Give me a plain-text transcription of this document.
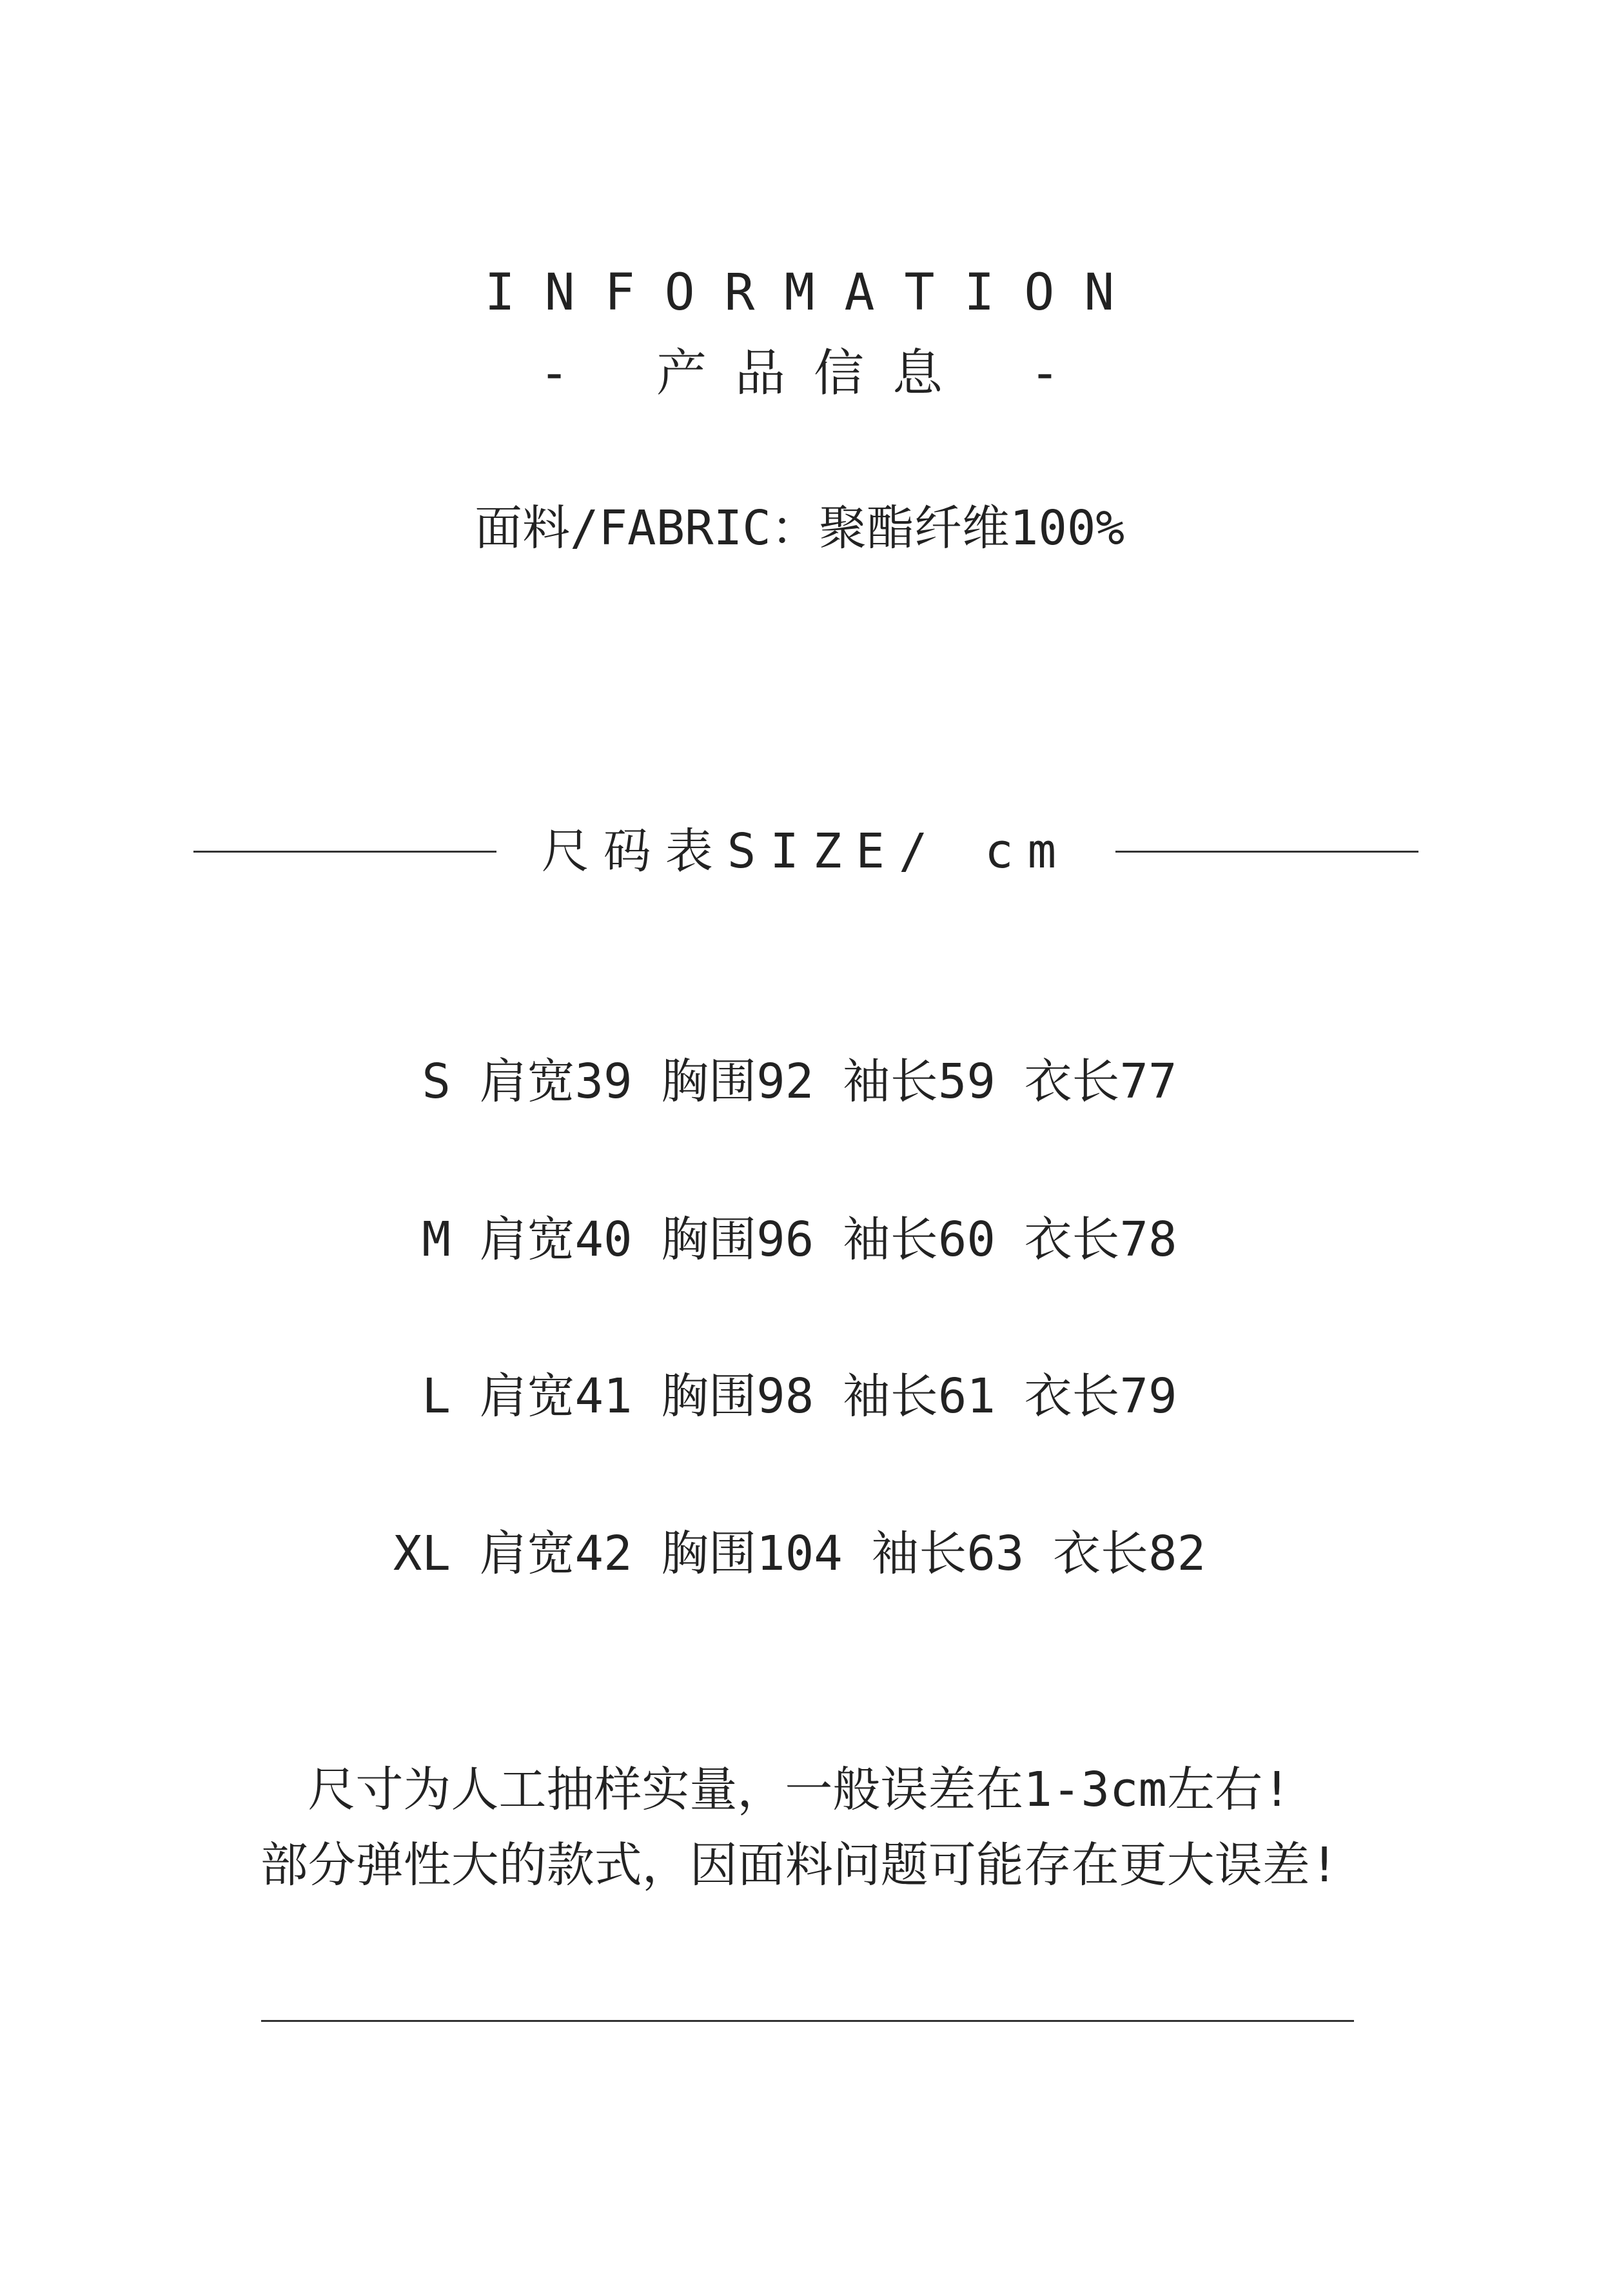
INFORMATION
- 产品信息 -
面料/FABRIC：聚酯纤维100%
尺码表SIZE/ cm
S 肩宽39 胸围92 袖长59 衣长77
M 肩宽40 胸围96 袖长60 衣长78
L 肩宽41 胸围98 袖长61 衣长79
XL 肩宽42 胸围104 袖长63 衣长82
尺寸为人工抽样实量，一般误差在1-3cm左右!
部分弹性大的款式，因面料问题可能存在更大误差!
